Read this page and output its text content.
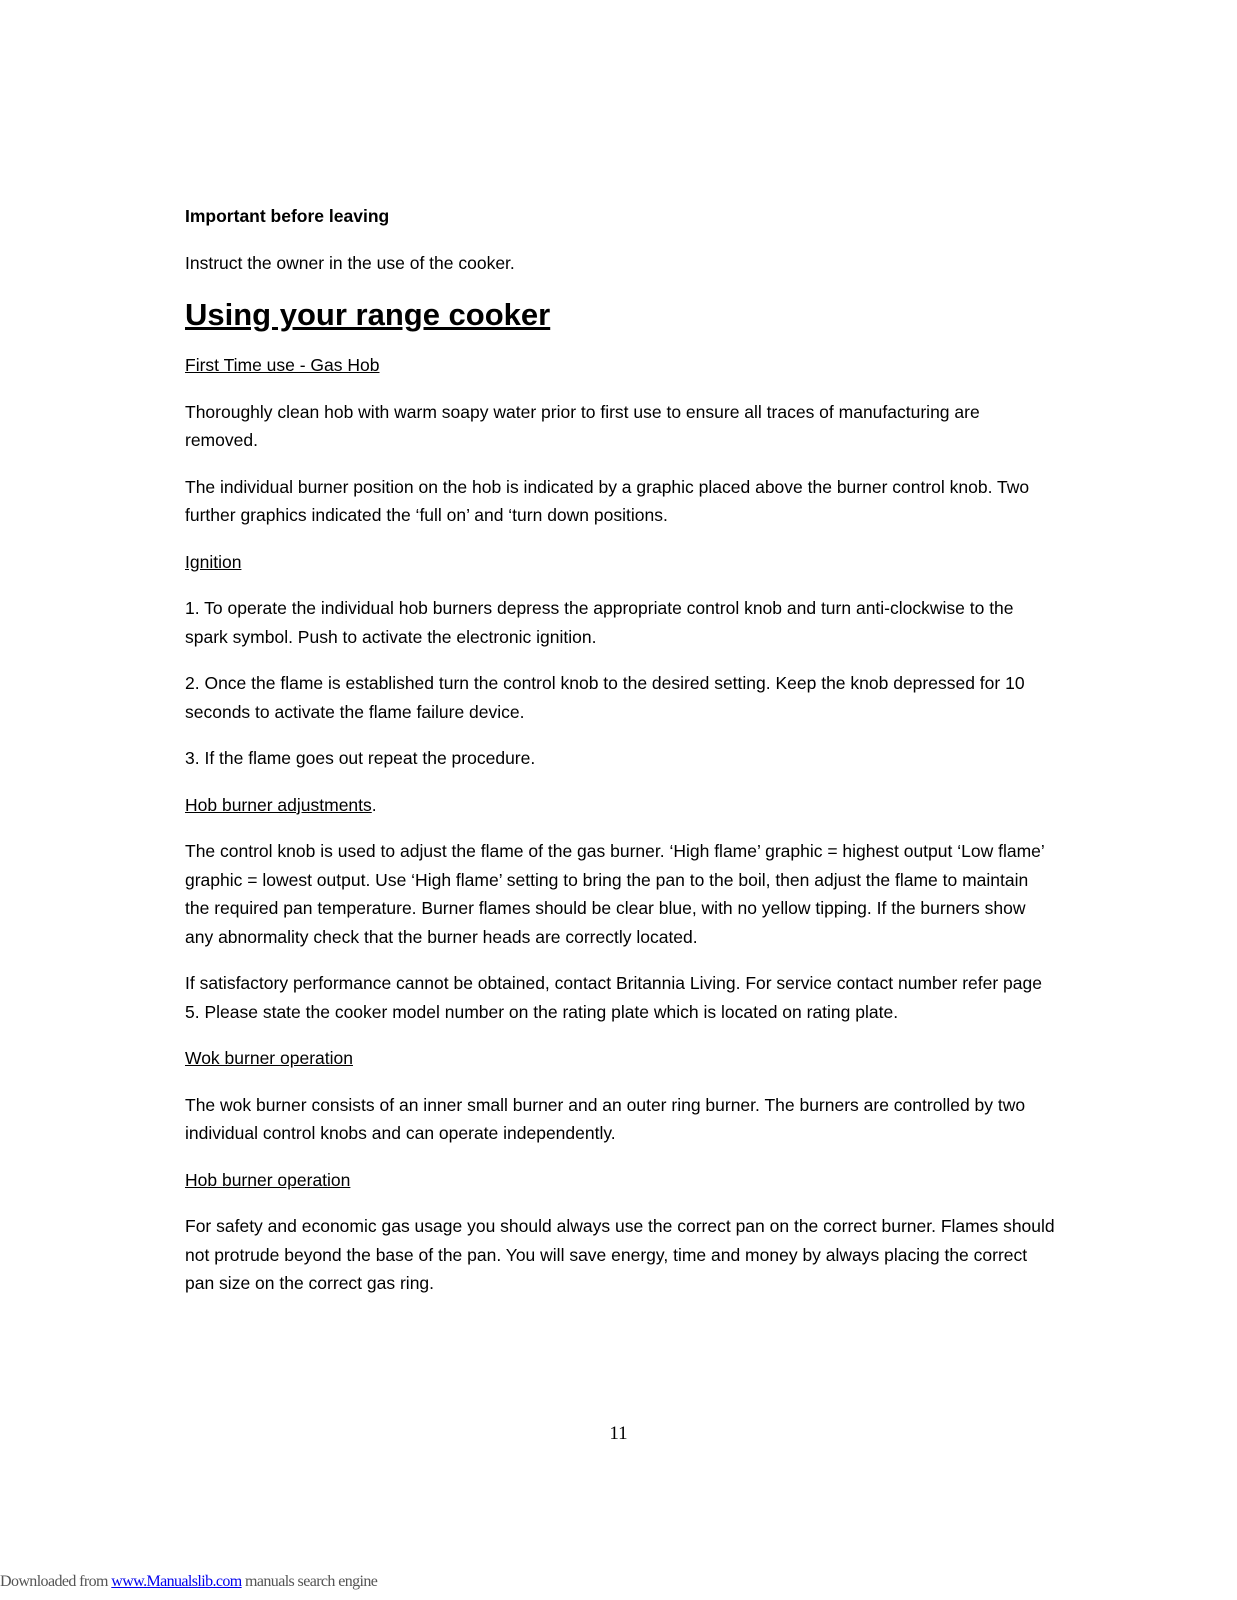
Important before leaving

Instruct the owner in the use of the cooker.

Using your range cooker

First Time use - Gas Hob

Thoroughly clean hob with warm soapy water prior to first use to ensure all traces of manufacturing are removed.

The individual burner position on the hob is indicated by a graphic placed above the burner control knob. Two further graphics indicated the ‘full on’ and ‘turn down positions.

Ignition

1. To operate the individual hob burners depress the appropriate control knob and turn anti-clockwise to the spark symbol. Push to activate the electronic ignition.

2. Once the flame is established turn the control knob to the desired setting. Keep the knob depressed for 10 seconds to activate the flame failure device.

3. If the flame goes out repeat the procedure.

Hob burner adjustments.

The control knob is used to adjust the flame of the gas burner. ‘High flame’ graphic = highest output ‘Low flame’ graphic = lowest output. Use ‘High flame’ setting to bring the pan to the boil, then adjust the flame to maintain the required pan temperature. Burner flames should be clear blue, with no yellow tipping. If the burners show any abnormality check that the burner heads are correctly located.

If satisfactory performance cannot be obtained, contact Britannia Living. For service contact number refer page 5. Please state the cooker model number on the rating plate which is located on rating plate.

Wok burner operation

The wok burner consists of an inner small burner and an outer ring burner. The burners are controlled by two individual control knobs and can operate independently.

Hob burner operation

For safety and economic gas usage you should always use the correct pan on the correct burner. Flames should not protrude beyond the base of the pan. You will save energy, time and money by always placing the correct pan size on the correct gas ring.

11
Downloaded from www.Manualslib.com manuals search engine
